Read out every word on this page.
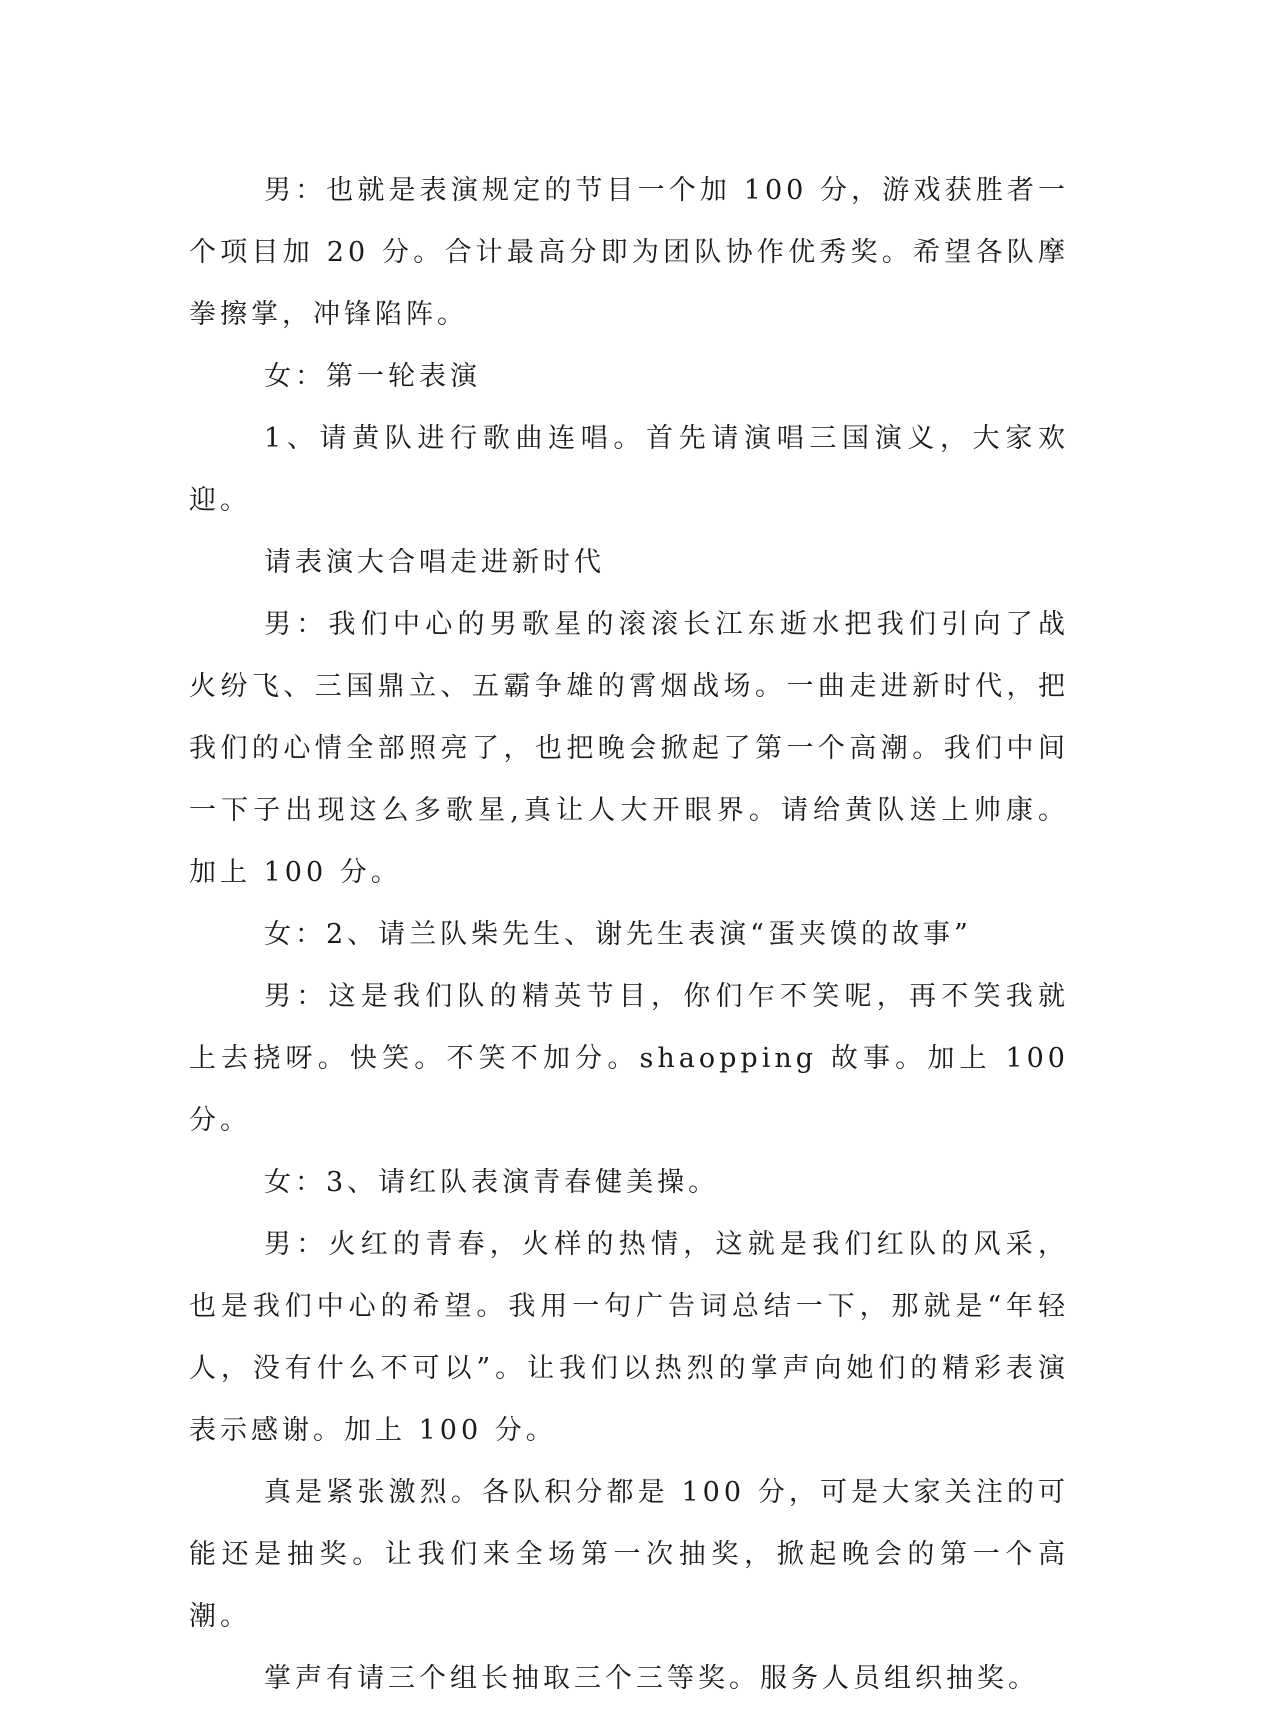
男：也就是表演规定的节目一个加 100 分，游戏获胜者一个项目加 20 分。合计最高分即为团队协作优秀奖。希望各队摩拳擦掌，冲锋陷阵。

女：第一轮表演

1、请黄队进行歌曲连唱。首先请演唱三国演义，大家欢迎。

请表演大合唱走进新时代

男：我们中心的男歌星的滚滚长江东逝水把我们引向了战火纷飞、三国鼎立、五霸争雄的霄烟战场。一曲走进新时代，把我们的心情全部照亮了，也把晚会掀起了第一个高潮。我们中间一下子出现这么多歌星,真让人大开眼界。请给黄队送上帅康。加上 100 分。

女：2、请兰队柴先生、谢先生表演“蛋夹馍的故事”

男：这是我们队的精英节目，你们乍不笑呢，再不笑我就上去挠呀。快笑。不笑不加分。shaopping 故事。加上 100 分。

女：3、请红队表演青春健美操。

男：火红的青春，火样的热情，这就是我们红队的风采，也是我们中心的希望。我用一句广告词总结一下，那就是“年轻人，没有什么不可以”。让我们以热烈的掌声向她们的精彩表演表示感谢。加上 100 分。

真是紧张激烈。各队积分都是 100 分，可是大家关注的可能还是抽奖。让我们来全场第一次抽奖，掀起晚会的第一个高潮。

掌声有请三个组长抽取三个三等奖。服务人员组织抽奖。
